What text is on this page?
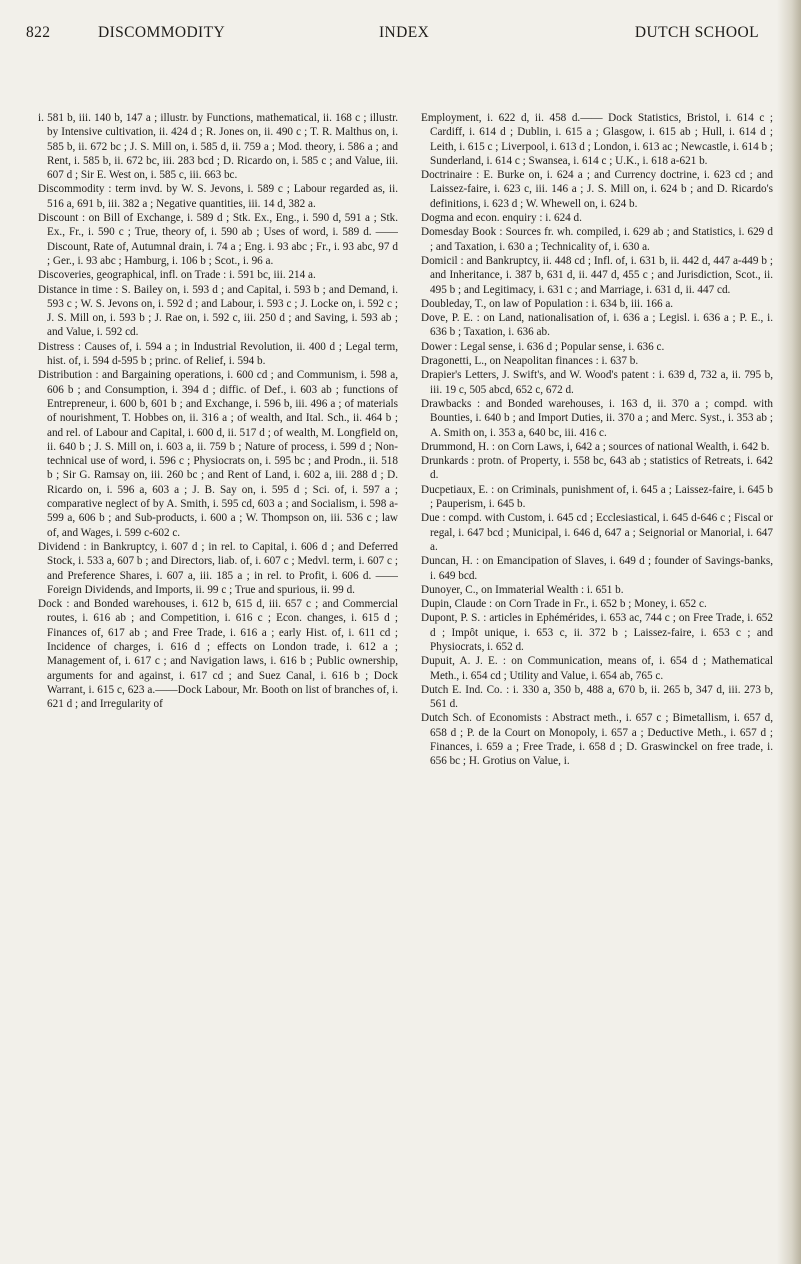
822	DISCOMMODITY	INDEX	DUTCH SCHOOL

i. 581 b, iii. 140 b, 147 a ; illustr. by Functions, mathematical, ii. 168 c ; illustr. by Intensive cultivation, ii. 424 d ; R. Jones on, ii. 490 c ; T. R. Malthus on, i. 585 b, ii. 672 bc ; J. S. Mill on, i. 585 d, ii. 759 a ; Mod. theory, i. 586 a ; and Rent, i. 585 b, ii. 672 bc, iii. 283 bcd ; D. Ricardo on, i. 585 c ; and Value, iii. 607 d ; Sir E. West on, i. 585 c, iii. 663 bc.

Discommodity : term invd. by W. S. Jevons, i. 589 c ; Labour regarded as, ii. 516 a, 691 b, iii. 382 a ; Negative quantities, iii. 14 d, 382 a.

Discount : on Bill of Exchange, i. 589 d ; Stk. Ex., Eng., i. 590 d, 591 a ; Stk. Ex., Fr., i. 590 c ; True, theory of, i. 590 ab ; Uses of word, i. 589 d. —— Discount, Rate of, Autumnal drain, i. 74 a ; Eng. i. 93 abc ; Fr., i. 93 abc, 97 d ; Ger., i. 93 abc ; Hamburg, i. 106 b ; Scot., i. 96 a.

Discoveries, geographical, infl. on Trade : i. 591 bc, iii. 214 a.

Distance in time : S. Bailey on, i. 593 d ; and Capital, i. 593 b ; and Demand, i. 593 c ; W. S. Jevons on, i. 592 d ; and Labour, i. 593 c ; J. Locke on, i. 592 c ; J. S. Mill on, i. 593 b ; J. Rae on, i. 592 c, iii. 250 d ; and Saving, i. 593 ab ; and Value, i. 592 cd.

Distress : Causes of, i. 594 a ; in Industrial Revolution, ii. 400 d ; Legal term, hist. of, i. 594 d-595 b ; princ. of Relief, i. 594 b.

Distribution : and Bargaining operations, i. 600 cd ; and Communism, i. 598 a, 606 b ; and Consumption, i. 394 d ; diffic. of Def., i. 603 ab ; functions of Entrepreneur, i. 600 b, 601 b ; and Exchange, i. 596 b, iii. 496 a ; of materials of nourishment, T. Hobbes on, ii. 316 a ; of wealth, and Ital. Sch., ii. 464 b ; and rel. of Labour and Capital, i. 600 d, ii. 517 d ; of wealth, M. Longfield on, ii. 640 b ; J. S. Mill on, i. 603 a, ii. 759 b ; Nature of process, i. 599 d ; Non-technical use of word, i. 596 c ; Physiocrats on, i. 595 bc ; and Prodn., ii. 518 b ; Sir G. Ramsay on, iii. 260 bc ; and Rent of Land, i. 602 a, iii. 288 d ; D. Ricardo on, i. 596 a, 603 a ; J. B. Say on, i. 595 d ; Sci. of, i. 597 a ; comparative neglect of by A. Smith, i. 595 cd, 603 a ; and Socialism, i. 598 a-599 a, 606 b ; and Sub-products, i. 600 a ; W. Thompson on, iii. 536 c ; law of, and Wages, i. 599 c-602 c.

Dividend : in Bankruptcy, i. 607 d ; in rel. to Capital, i. 606 d ; and Deferred Stock, i. 533 a, 607 b ; and Directors, liab. of, i. 607 c ; Medvl. term, i. 607 c ; and Preference Shares, i. 607 a, iii. 185 a ; in rel. to Profit, i. 606 d. ——Foreign Dividends, and Imports, ii. 99 c ; True and spurious, ii. 99 d.

Dock : and Bonded warehouses, i. 612 b, 615 d, iii. 657 c ; and Commercial routes, i. 616 ab ; and Competition, i. 616 c ; Econ. changes, i. 615 d ; Finances of, 617 ab ; and Free Trade, i. 616 a ; early Hist. of, i. 611 cd ; Incidence of charges, i. 616 d ; effects on London trade, i. 612 a ; Management of, i. 617 c ; and Navigation laws, i. 616 b ; Public ownership, arguments for and against, i. 617 cd ; and Suez Canal, i. 616 b ; Dock Warrant, i. 615 c, 623 a.——Dock Labour, Mr. Booth on list of branches of, i. 621 d ; and Irregularity of

Employment, i. 622 d, ii. 458 d.—— Dock Statistics, Bristol, i. 614 c ; Cardiff, i. 614 d ; Dublin, i. 615 a ; Glasgow, i. 615 ab ; Hull, i. 614 d ; Leith, i. 615 c ; Liverpool, i. 613 d ; London, i. 613 ac ; Newcastle, i. 614 b ; Sunderland, i. 614 c ; Swansea, i. 614 c ; U.K., i. 618 a-621 b.

Doctrinaire : E. Burke on, i. 624 a ; and Currency doctrine, i. 623 cd ; and Laissez-faire, i. 623 c, iii. 146 a ; J. S. Mill on, i. 624 b ; and D. Ricardo's definitions, i. 623 d ; W. Whewell on, i. 624 b.

Dogma and econ. enquiry : i. 624 d.

Domesday Book : Sources fr. wh. compiled, i. 629 ab ; and Statistics, i. 629 d ; and Taxation, i. 630 a ; Technicality of, i. 630 a.

Domicil : and Bankruptcy, ii. 448 cd ; Infl. of, i. 631 b, ii. 442 d, 447 a-449 b ; and Inheritance, i. 387 b, 631 d, ii. 447 d, 455 c ; and Jurisdiction, Scot., ii. 495 b ; and Legitimacy, i. 631 c ; and Marriage, i. 631 d, ii. 447 cd.

Doubleday, T., on law of Population : i. 634 b, iii. 166 a.

Dove, P. E. : on Land, nationalisation of, i. 636 a ; Legisl. i. 636 a ; P. E., i. 636 b ; Taxation, i. 636 ab.

Dower : Legal sense, i. 636 d ; Popular sense, i. 636 c.

Dragonetti, L., on Neapolitan finances : i. 637 b.

Drapier's Letters, J. Swift's, and W. Wood's patent : i. 639 d, 732 a, ii. 795 b, iii. 19 c, 505 abcd, 652 c, 672 d.

Drawbacks : and Bonded warehouses, i. 163 d, ii. 370 a ; compd. with Bounties, i. 640 b ; and Import Duties, ii. 370 a ; and Merc. Syst., i. 353 ab ; A. Smith on, i. 353 a, 640 bc, iii. 416 c.

Drummond, H. : on Corn Laws, i, 642 a ; sources of national Wealth, i. 642 b.

Drunkards : protn. of Property, i. 558 bc, 643 ab ; statistics of Retreats, i. 642 d.

Ducpetiaux, E. : on Criminals, punishment of, i. 645 a ; Laissez-faire, i. 645 b ; Pauperism, i. 645 b.

Due : compd. with Custom, i. 645 cd ; Ecclesiastical, i. 645 d-646 c ; Fiscal or regal, i. 647 bcd ; Municipal, i. 646 d, 647 a ; Seignorial or Manorial, i. 647 a.

Duncan, H. : on Emancipation of Slaves, i. 649 d ; founder of Savings-banks, i. 649 bcd.

Dunoyer, C., on Immaterial Wealth : i. 651 b.

Dupin, Claude : on Corn Trade in Fr., i. 652 b ; Money, i. 652 c.

Dupont, P. S. : articles in Ephémérides, i. 653 ac, 744 c ; on Free Trade, i. 652 d ; Impôt unique, i. 653 c, ii. 372 b ; Laissez-faire, i. 653 c ; and Physiocrats, i. 652 d.

Dupuit, A. J. E. : on Communication, means of, i. 654 d ; Mathematical Meth., i. 654 cd ; Utility and Value, i. 654 ab, 765 c.

Dutch E. Ind. Co. : i. 330 a, 350 b, 488 a, 670 b, ii. 265 b, 347 d, iii. 273 b, 561 d.

Dutch Sch. of Economists : Abstract meth., i. 657 c ; Bimetallism, i. 657 d, 658 d ; P. de la Court on Monopoly, i. 657 a ; Deductive Meth., i. 657 d ; Finances, i. 659 a ; Free Trade, i. 658 d ; D. Graswinckel on free trade, i. 656 bc ; H. Grotius on Value, i.
